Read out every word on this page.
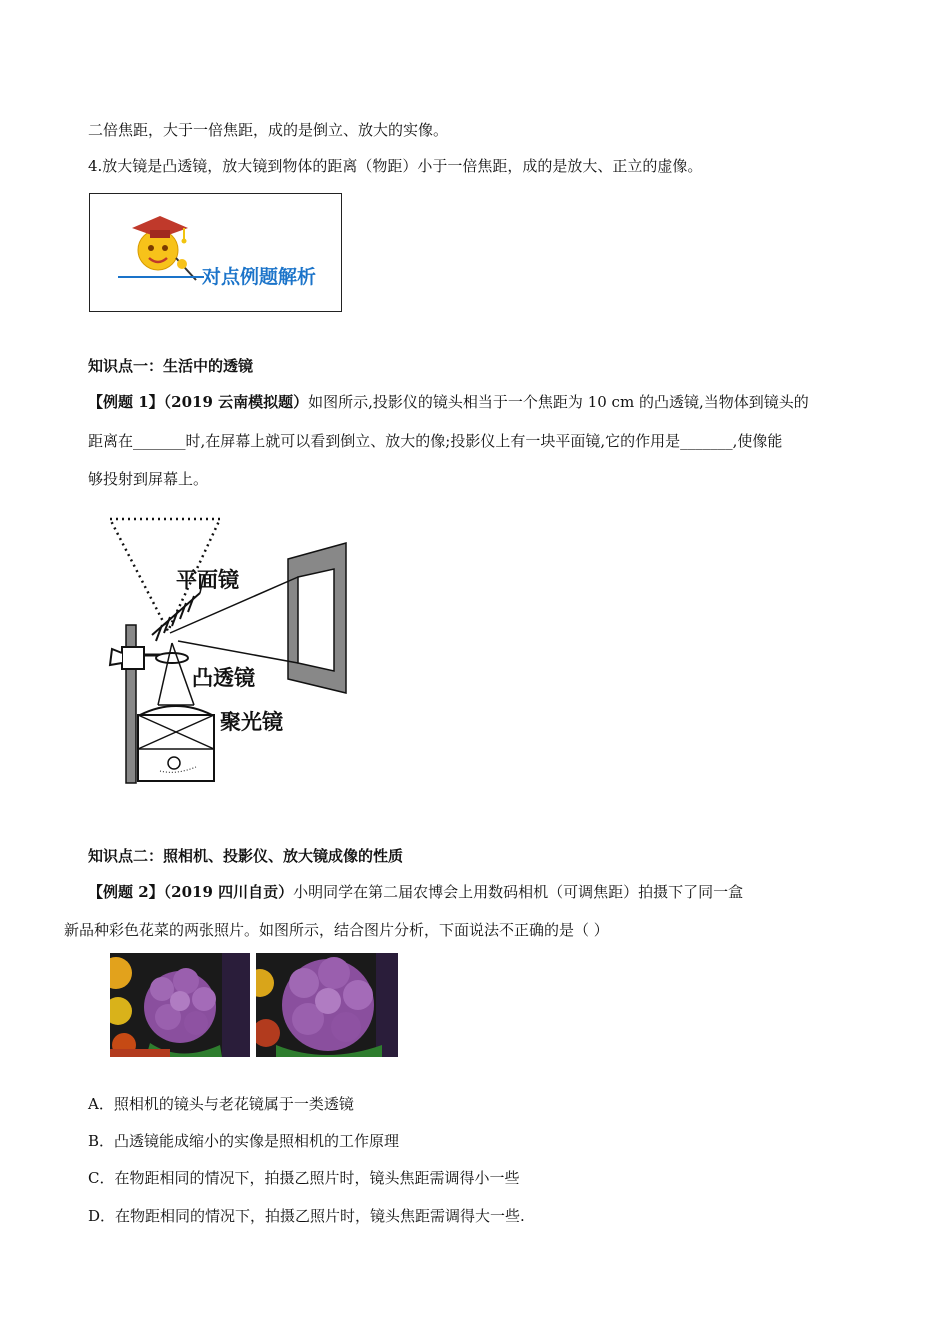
二倍焦距，大于一倍焦距，成的是倒立、放大的实像。
4.放大镜是凸透镜，放大镜到物体的距离（物距）小于一倍焦距，成的是放大、正立的虚像。
对点例题解析
知识点一：生活中的透镜
【例题 1】（2019 云南模拟题）如图所示,投影仪的镜头相当于一个焦距为 10 cm 的凸透镜,当物体到镜头的
距离在_______时,在屏幕上就可以看到倒立、放大的像;投影仪上有一块平面镜,它的作用是_______,使像能
够投射到屏幕上。
平面镜
凸透镜
聚光镜
知识点二：照相机、投影仪、放大镜成像的性质
【例题 2】（2019 四川自贡）小明同学在第二届农博会上用数码相机（可调焦距）拍摄下了同一盒
新品种彩色花菜的两张照片。如图所示，结合图片分析，下面说法不正确的是（ ）
A．照相机的镜头与老花镜属于一类透镜
B．凸透镜能成缩小的实像是照相机的工作原理
C．在物距相同的情况下，拍摄乙照片时，镜头焦距需调得小一些
D．在物距相同的情况下，拍摄乙照片时，镜头焦距需调得大一些.
